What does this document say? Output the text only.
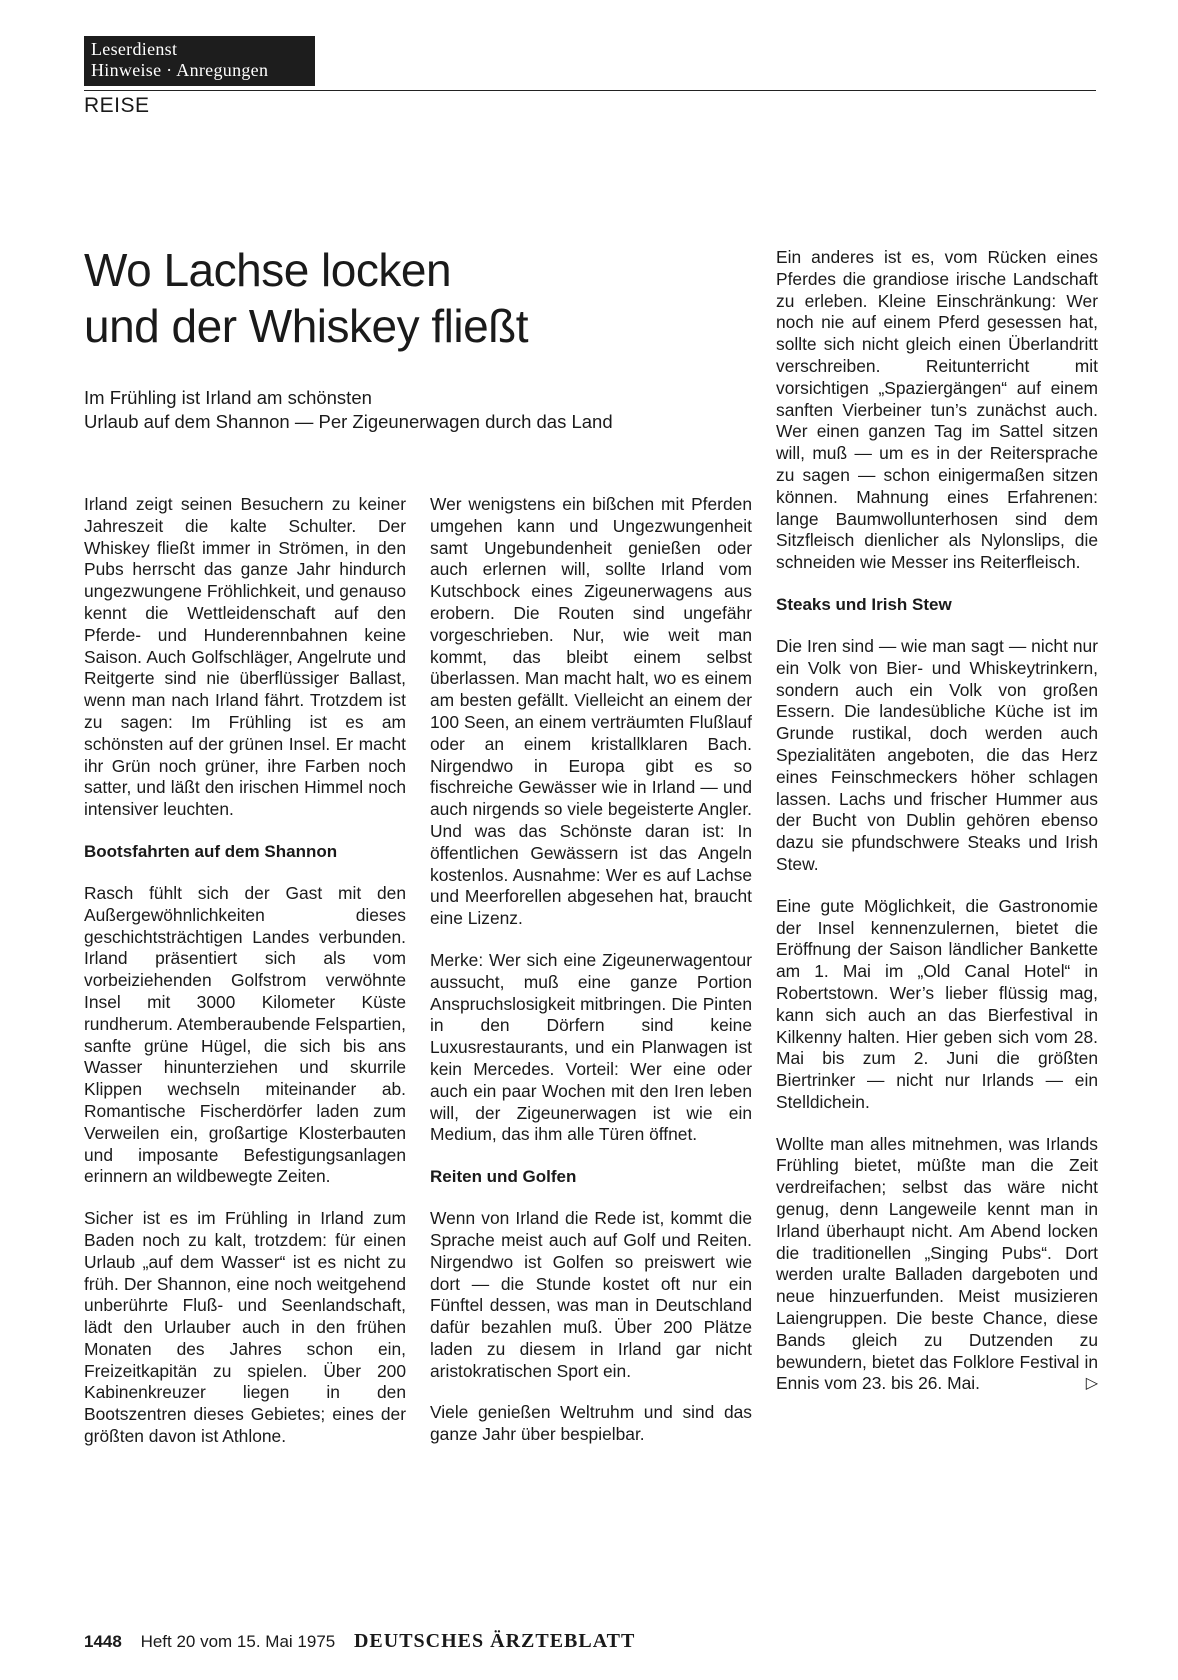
Leserdienst
Hinweise · Anregungen
REISE
Wo Lachse locken
und der Whiskey fließt
Im Frühling ist Irland am schönsten
Urlaub auf dem Shannon — Per Zigeunerwagen durch das Land

Irland zeigt seinen Besuchern zu keiner Jahreszeit die kalte Schulter. Der Whiskey fließt immer in Strömen, in den Pubs herrscht das ganze Jahr hindurch ungezwungene Fröhlichkeit, und genauso kennt die Wettleidenschaft auf den Pferde- und Hunderennbahnen keine Saison. Auch Golfschläger, Angelrute und Reitgerte sind nie überflüssiger Ballast, wenn man nach Irland fährt. Trotzdem ist zu sagen: Im Frühling ist es am schönsten auf der grünen Insel. Er macht ihr Grün noch grüner, ihre Farben noch satter, und läßt den irischen Himmel noch intensiver leuchten.

Bootsfahrten auf dem Shannon

Rasch fühlt sich der Gast mit den Außergewöhnlichkeiten dieses geschichtsträchtigen Landes verbunden. Irland präsentiert sich als vom vorbeiziehenden Golfstrom verwöhnte Insel mit 3000 Kilometer Küste rundherum. Atemberaubende Felspartien, sanfte grüne Hügel, die sich bis ans Wasser hinunterziehen und skurrile Klippen wechseln miteinander ab. Romantische Fischerdörfer laden zum Verweilen ein, großartige Klosterbauten und imposante Befestigungsanlagen erinnern an wildbewegte Zeiten.

Sicher ist es im Frühling in Irland zum Baden noch zu kalt, trotzdem: für einen Urlaub „auf dem Wasser“ ist es nicht zu früh. Der Shannon, eine noch weitgehend unberührte Fluß- und Seenlandschaft, lädt den Urlauber auch in den frühen Monaten des Jahres schon ein, Freizeitkapitän zu spielen. Über 200 Kabinenkreuzer liegen in den Bootszentren dieses Gebietes; eines der größten davon ist Athlone.

Wer wenigstens ein bißchen mit Pferden umgehen kann und Ungezwungenheit samt Ungebundenheit genießen oder auch erlernen will, sollte Irland vom Kutschbock eines Zigeunerwagens aus erobern. Die Routen sind ungefähr vorgeschrieben. Nur, wie weit man kommt, das bleibt einem selbst überlassen. Man macht halt, wo es einem am besten gefällt. Vielleicht an einem der 100 Seen, an einem verträumten Flußlauf oder an einem kristallklaren Bach. Nirgendwo in Europa gibt es so fischreiche Gewässer wie in Irland — und auch nirgends so viele begeisterte Angler. Und was das Schönste daran ist: In öffentlichen Gewässern ist das Angeln kostenlos. Ausnahme: Wer es auf Lachse und Meerforellen abgesehen hat, braucht eine Lizenz.

Merke: Wer sich eine Zigeunerwagentour aussucht, muß eine ganze Portion Anspruchslosigkeit mitbringen. Die Pinten in den Dörfern sind keine Luxusrestaurants, und ein Planwagen ist kein Mercedes. Vorteil: Wer eine oder auch ein paar Wochen mit den Iren leben will, der Zigeunerwagen ist wie ein Medium, das ihm alle Türen öffnet.

Reiten und Golfen

Wenn von Irland die Rede ist, kommt die Sprache meist auch auf Golf und Reiten. Nirgendwo ist Golfen so preiswert wie dort — die Stunde kostet oft nur ein Fünftel dessen, was man in Deutschland dafür bezahlen muß. Über 200 Plätze laden zu diesem in Irland gar nicht aristokratischen Sport ein.

Viele genießen Weltruhm und sind das ganze Jahr über bespielbar.

Ein anderes ist es, vom Rücken eines Pferdes die grandiose irische Landschaft zu erleben. Kleine Einschränkung: Wer noch nie auf einem Pferd gesessen hat, sollte sich nicht gleich einen Überlandritt verschreiben. Reitunterricht mit vorsichtigen „Spaziergängen“ auf einem sanften Vierbeiner tun’s zunächst auch. Wer einen ganzen Tag im Sattel sitzen will, muß — um es in der Reitersprache zu sagen — schon einigermaßen sitzen können. Mahnung eines Erfahrenen: lange Baumwollunterhosen sind dem Sitzfleisch dienlicher als Nylonslips, die schneiden wie Messer ins Reiterfleisch.

Steaks und Irish Stew

Die Iren sind — wie man sagt — nicht nur ein Volk von Bier- und Whiskeytrinkern, sondern auch ein Volk von großen Essern. Die landesübliche Küche ist im Grunde rustikal, doch werden auch Spezialitäten angeboten, die das Herz eines Feinschmeckers höher schlagen lassen. Lachs und frischer Hummer aus der Bucht von Dublin gehören ebenso dazu sie pfundschwere Steaks und Irish Stew.

Eine gute Möglichkeit, die Gastronomie der Insel kennenzulernen, bietet die Eröffnung der Saison ländlicher Bankette am 1. Mai im „Old Canal Hotel“ in Robertstown. Wer’s lieber flüssig mag, kann sich auch an das Bierfestival in Kilkenny halten. Hier geben sich vom 28. Mai bis zum 2. Juni die größten Biertrinker — nicht nur Irlands — ein Stelldichein.

Wollte man alles mitnehmen, was Irlands Frühling bietet, müßte man die Zeit verdreifachen; selbst das wäre nicht genug, denn Langeweile kennt man in Irland überhaupt nicht. Am Abend locken die traditionellen „Singing Pubs“. Dort werden uralte Balladen dargeboten und neue hinzuerfunden. Meist musizieren Laiengruppen. Die beste Chance, diese Bands gleich zu Dutzenden zu bewundern, bietet das Folklore Festival in Ennis vom 23. bis 26. Mai.	▷

1448 Heft 20 vom 15. Mai 1975 DEUTSCHES ÄRZTEBLATT
